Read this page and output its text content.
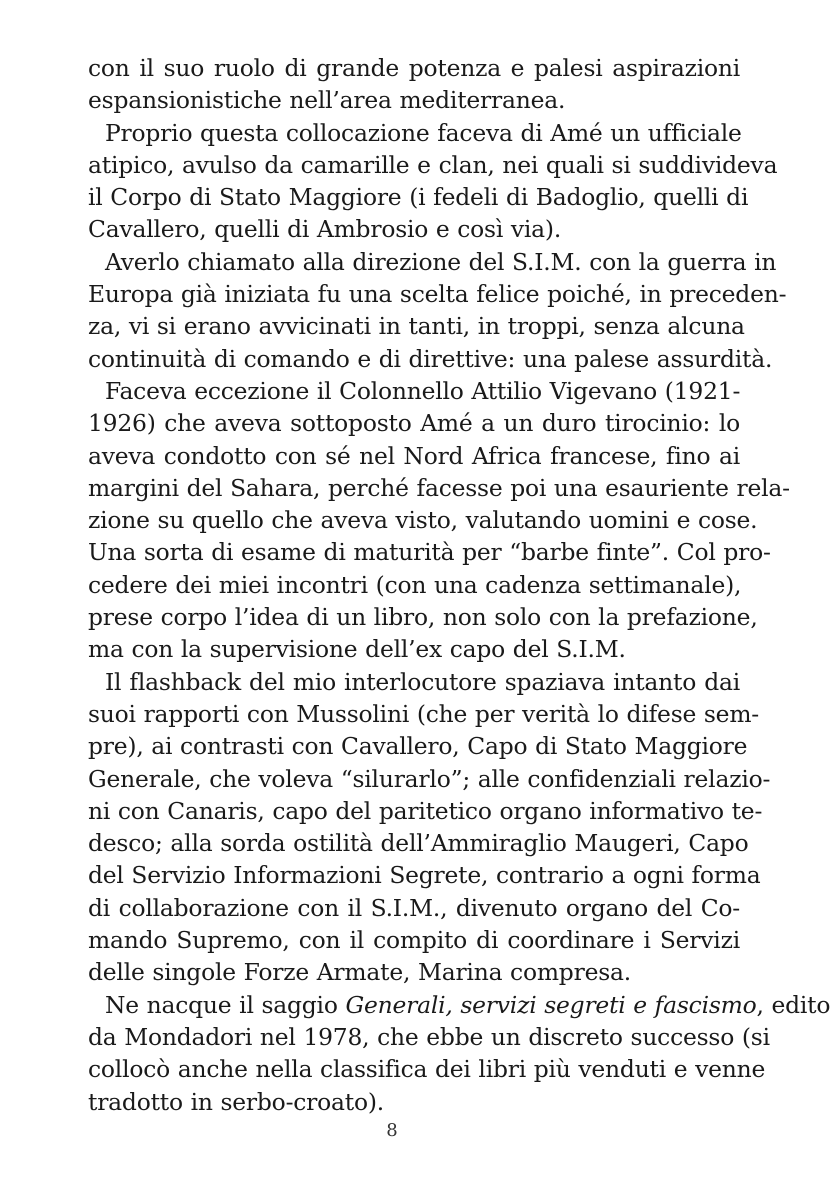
con il suo ruolo di grande potenza e palesi aspirazioni
espansionistiche nell’area mediterranea.
Proprio questa collocazione faceva di Amé un ufficiale
atipico, avulso da camarille e clan, nei quali si suddivideva
il Corpo di Stato Maggiore (i fedeli di Badoglio, quelli di
Cavallero, quelli di Ambrosio e così via).
Averlo chiamato alla direzione del S.I.M. con la guerra in
Europa già iniziata fu una scelta felice poiché, in preceden-
za, vi si erano avvicinati in tanti, in troppi, senza alcuna
continuità di comando e di direttive: una palese assurdità.
Faceva eccezione il Colonnello Attilio Vigevano (1921-
1926) che aveva sottoposto Amé a un duro tirocinio: lo
aveva condotto con sé nel Nord Africa francese, fino ai
margini del Sahara, perché facesse poi una esauriente rela-
zione su quello che aveva visto, valutando uomini e cose.
Una sorta di esame di maturità per “barbe finte”. Col pro-
cedere dei miei incontri (con una cadenza settimanale),
prese corpo l’idea di un libro, non solo con la prefazione,
ma con la supervisione dell’ex capo del S.I.M.
Il flashback del mio interlocutore spaziava intanto dai
suoi rapporti con Mussolini (che per verità lo difese sem-
pre), ai contrasti con Cavallero, Capo di Stato Maggiore
Generale, che voleva “silurarlo”; alle confidenziali relazio-
ni con Canaris, capo del paritetico organo informativo te-
desco; alla sorda ostilità dell’Ammiraglio Maugeri, Capo
del Servizio Informazioni Segrete, contrario a ogni forma
di collaborazione con il S.I.M., divenuto organo del Co-
mando Supremo, con il compito di coordinare i Servizi
delle singole Forze Armate, Marina compresa.
Ne nacque il saggio Generali, servizi segreti e fascismo, edito
da Mondadori nel 1978, che ebbe un discreto successo (si
collocò anche nella classifica dei libri più venduti e venne
tradotto in serbo-croato).
8
